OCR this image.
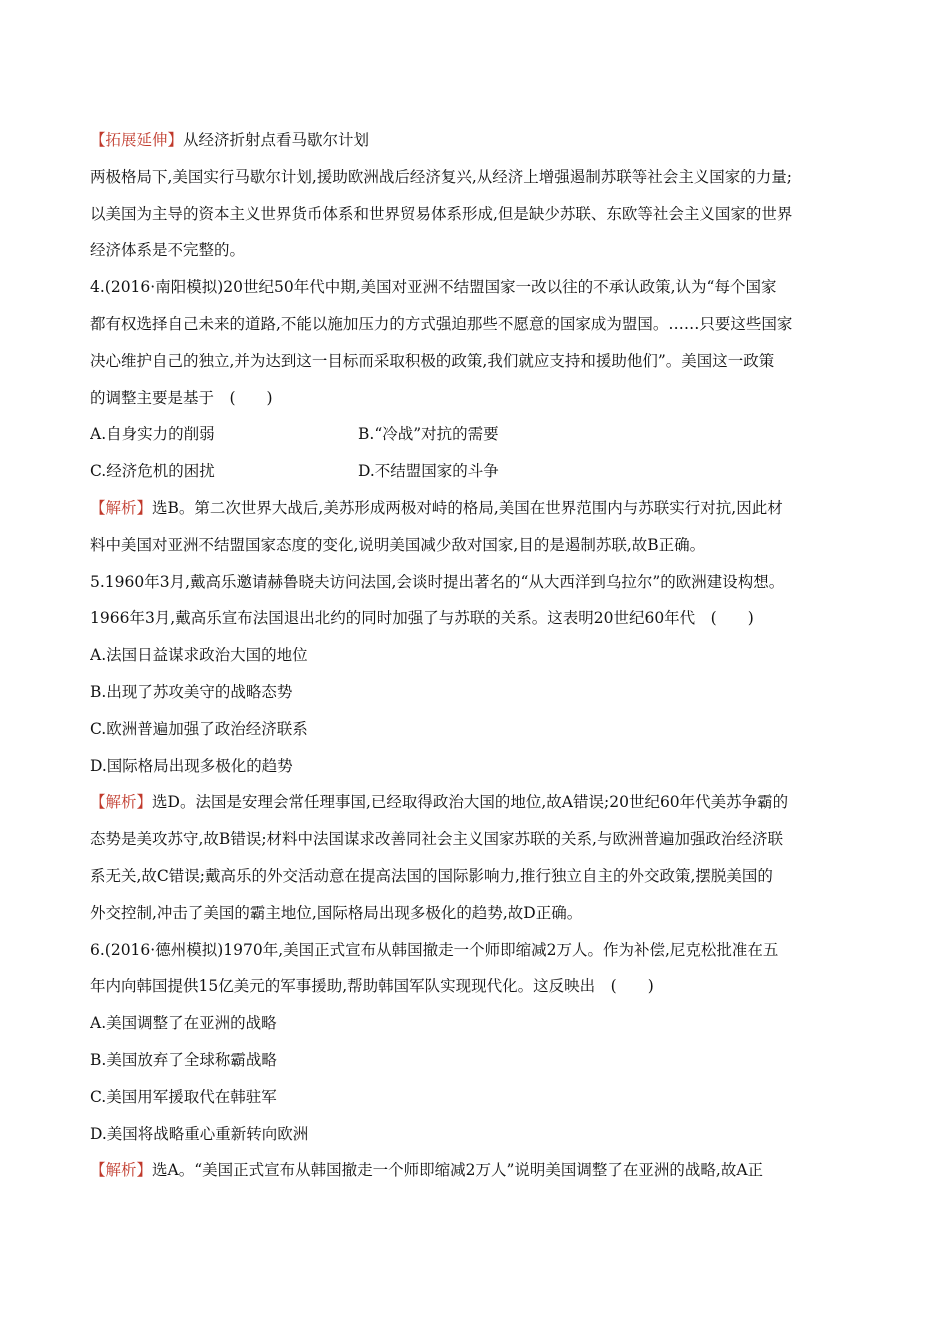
【拓展延伸】从经济折射点看马歇尔计划
两极格局下,美国实行马歇尔计划,援助欧洲战后经济复兴,从经济上增强遏制苏联等社会主义国家的力量;
以美国为主导的资本主义世界货币体系和世界贸易体系形成,但是缺少苏联、东欧等社会主义国家的世界
经济体系是不完整的。
4.(2016·南阳模拟)20世纪50年代中期,美国对亚洲不结盟国家一改以往的不承认政策,认为“每个国家
都有权选择自己未来的道路,不能以施加压力的方式强迫那些不愿意的国家成为盟国。……只要这些国家
决心维护自己的独立,并为达到这一目标而采取积极的政策,我们就应支持和援助他们”。美国这一政策
的调整主要是基于　(　　)
A.自身实力的削弱	B.“冷战”对抗的需要
C.经济危机的困扰	D.不结盟国家的斗争
【解析】选B。第二次世界大战后,美苏形成两极对峙的格局,美国在世界范围内与苏联实行对抗,因此材
料中美国对亚洲不结盟国家态度的变化,说明美国减少敌对国家,目的是遏制苏联,故B正确。
5.1960年3月,戴高乐邀请赫鲁晓夫访问法国,会谈时提出著名的“从大西洋到乌拉尔”的欧洲建设构想。
1966年3月,戴高乐宣布法国退出北约的同时加强了与苏联的关系。这表明20世纪60年代　(　　)
A.法国日益谋求政治大国的地位
B.出现了苏攻美守的战略态势
C.欧洲普遍加强了政治经济联系
D.国际格局出现多极化的趋势
【解析】选D。法国是安理会常任理事国,已经取得政治大国的地位,故A错误;20世纪60年代美苏争霸的
态势是美攻苏守,故B错误;材料中法国谋求改善同社会主义国家苏联的关系,与欧洲普遍加强政治经济联
系无关,故C错误;戴高乐的外交活动意在提高法国的国际影响力,推行独立自主的外交政策,摆脱美国的
外交控制,冲击了美国的霸主地位,国际格局出现多极化的趋势,故D正确。
6.(2016·德州模拟)1970年,美国正式宣布从韩国撤走一个师即缩减2万人。作为补偿,尼克松批准在五
年内向韩国提供15亿美元的军事援助,帮助韩国军队实现现代化。这反映出　(　　)
A.美国调整了在亚洲的战略
B.美国放弃了全球称霸战略
C.美国用军援取代在韩驻军
D.美国将战略重心重新转向欧洲
【解析】选A。“美国正式宣布从韩国撤走一个师即缩减2万人”说明美国调整了在亚洲的战略,故A正
